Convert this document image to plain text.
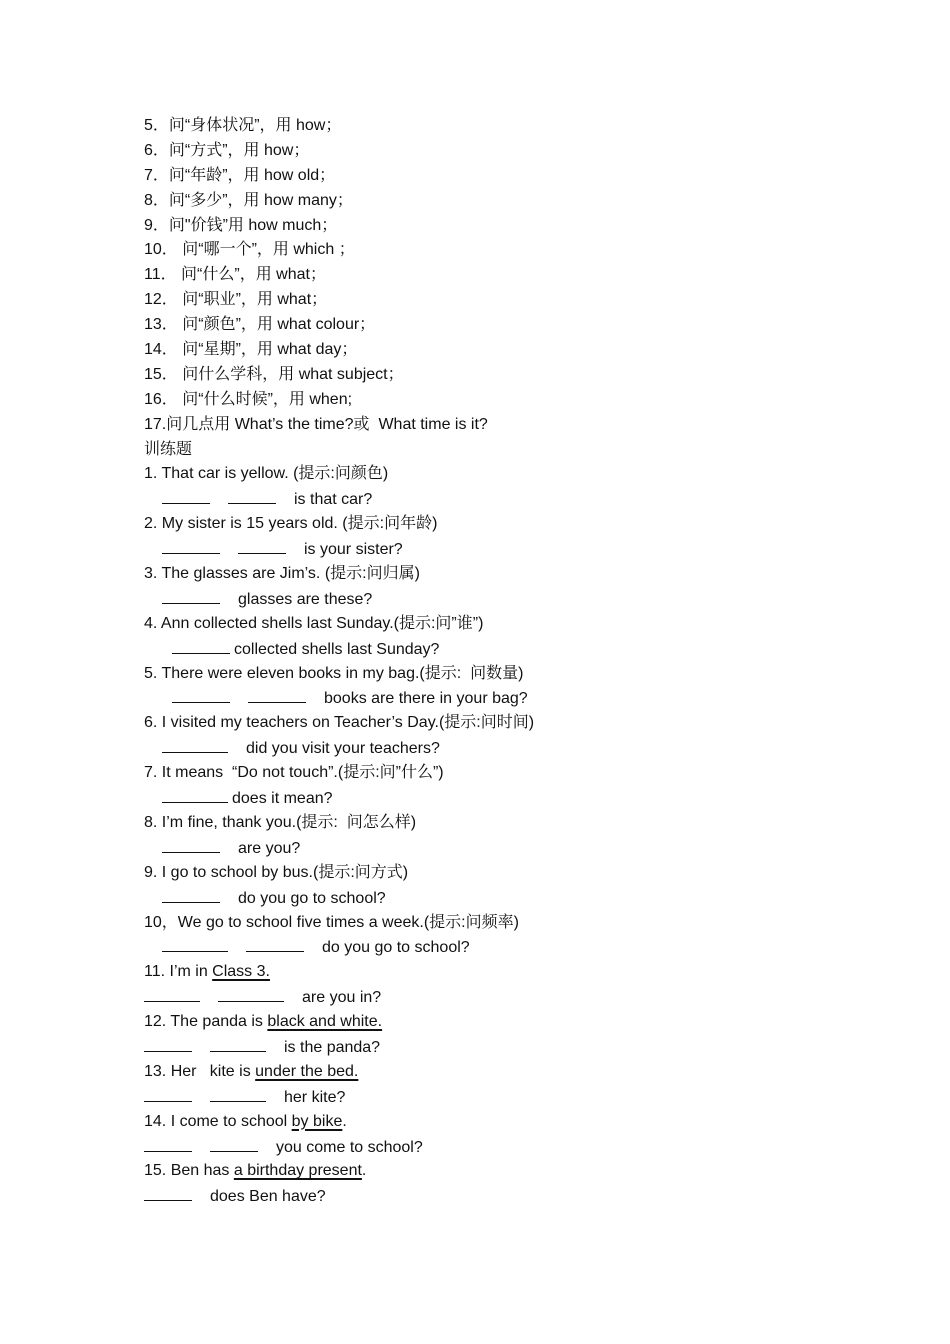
5．问“身体状况”，用 how；
6．问“方式”，用 how；
7．问“年龄”，用 how old；
8．问“多少”，用 how many；
9．问"价钱”用 how much；
10． 问“哪一个”，用 which ；
11． 问“什么”，用 what；
12． 问“职业”，用 what；
13． 问“颜色”，用 what colour；
14． 问“星期”，用 what day；
15． 问什么学科，用 what subject；
16． 问“什么时候”，用 when;
17.问几点用 What’s the time?或  What time is it?
训练题
1. That car is yellow. (提示:问颜色)
is that car?
2. My sister is 15 years old. (提示:问年龄)
is your sister?
3. The glasses are Jim’s. (提示:问归属)
glasses are these?
4. Ann collected shells last Sunday.(提示:问”谁”)
collected shells last Sunday?
5. There were eleven books in my bag.(提示:  问数量)
books are there in your bag?
6. I visited my teachers on Teacher’s Day.(提示:问时间)
did you visit your teachers?
7. It means  “Do not touch”.(提示:问”什么”)
does it mean?
8. I’m fine, thank you.(提示:  问怎么样)
are you?
9. I go to school by bus.(提示:问方式)
do you go to school?
10，We go to school five times a week.(提示:问频率)
do you go to school?
11. I’m in Class 3.
are you in?
12. The panda is black and white.
is the panda?
13. Her   kite is under the bed.
her kite?
14. I come to school by bike.
you come to school?
15. Ben has a birthday present.
does Ben have?
